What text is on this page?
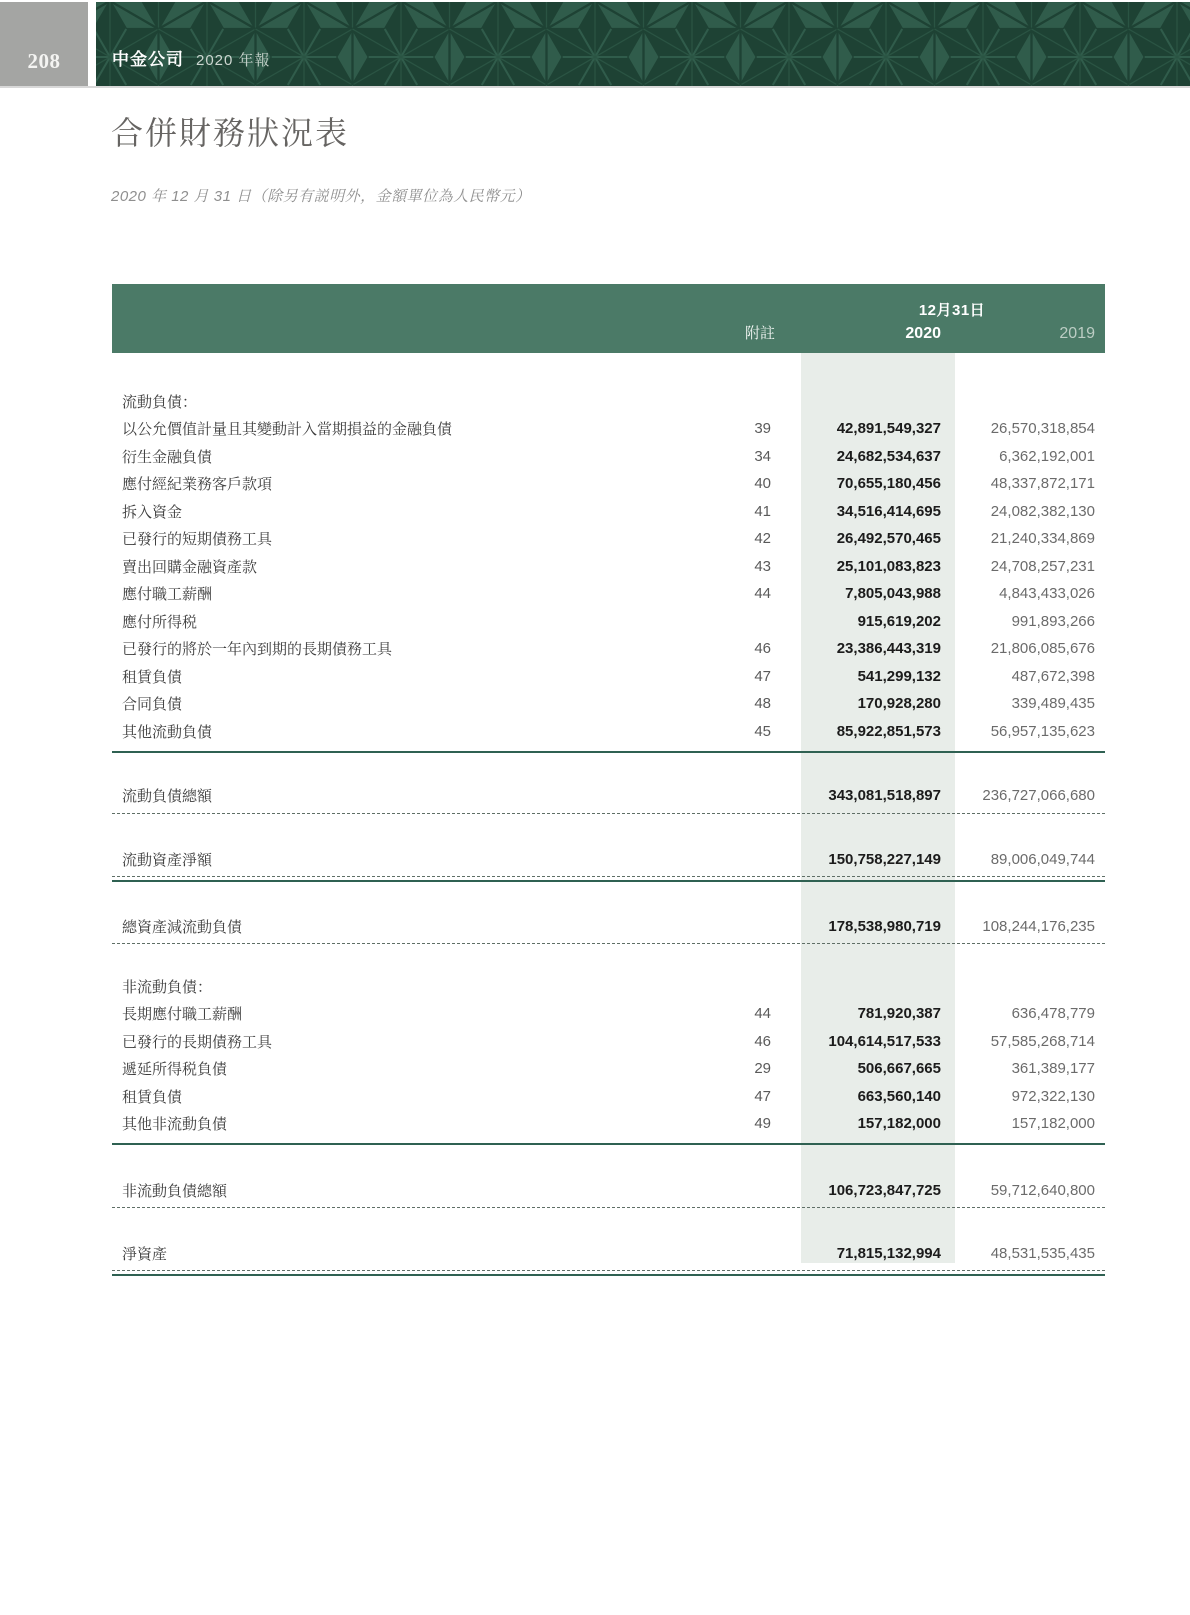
208	中金公司 2020 年報
合併財務狀況表
2020 年 12 月 31 日（除另有説明外，金額單位為人民幣元）
12月31日
附註	2020	2019
流動負債：
以公允價值計量且其變動計入當期損益的金融負債	39	42,891,549,327	26,570,318,854
衍生金融負債	34	24,682,534,637	6,362,192,001
應付經紀業務客戶款項	40	70,655,180,456	48,337,872,171
拆入資金	41	34,516,414,695	24,082,382,130
已發行的短期債務工具	42	26,492,570,465	21,240,334,869
賣出回購金融資產款	43	25,101,083,823	24,708,257,231
應付職工薪酬	44	7,805,043,988	4,843,433,026
應付所得税	915,619,202	991,893,266
已發行的將於一年內到期的長期債務工具	46	23,386,443,319	21,806,085,676
租賃負債	47	541,299,132	487,672,398
合同負債	48	170,928,280	339,489,435
其他流動負債	45	85,922,851,573	56,957,135,623
流動負債總額	343,081,518,897	236,727,066,680
流動資產淨額	150,758,227,149	89,006,049,744
總資產減流動負債	178,538,980,719	108,244,176,235
非流動負債：
長期應付職工薪酬	44	781,920,387	636,478,779
已發行的長期債務工具	46	104,614,517,533	57,585,268,714
遞延所得税負債	29	506,667,665	361,389,177
租賃負債	47	663,560,140	972,322,130
其他非流動負債	49	157,182,000	157,182,000
非流動負債總額	106,723,847,725	59,712,640,800
淨資產	71,815,132,994	48,531,535,435
